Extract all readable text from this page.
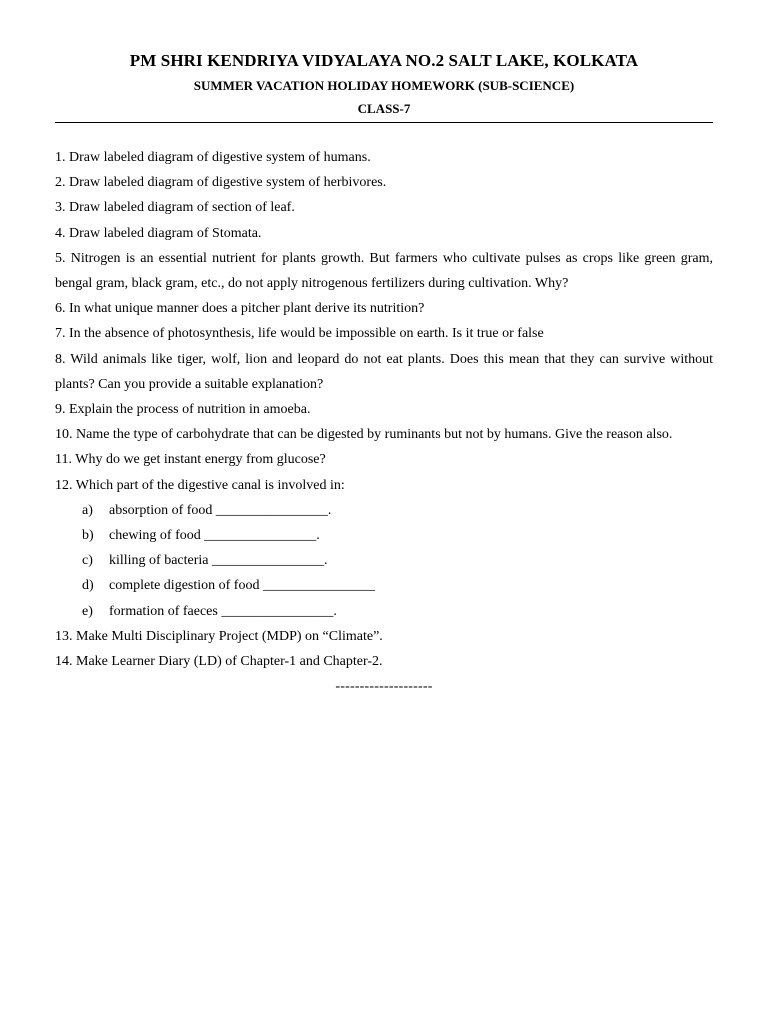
PM SHRI KENDRIYA VIDYALAYA NO.2 SALT LAKE, KOLKATA
SUMMER VACATION HOLIDAY HOMEWORK (SUB-SCIENCE)
CLASS-7
1. Draw labeled diagram of digestive system of humans.
2. Draw labeled diagram of digestive system of herbivores.
3. Draw labeled diagram of section of leaf.
4. Draw labeled diagram of Stomata.
5. Nitrogen is an essential nutrient for plants growth. But farmers who cultivate pulses as crops like green gram, bengal gram, black gram, etc., do not apply nitrogenous fertilizers during cultivation. Why?
6. In what unique manner does a pitcher plant derive its nutrition?
7. In the absence of photosynthesis, life would be impossible on earth. Is it true or false
8. Wild animals like tiger, wolf, lion and leopard do not eat plants. Does this mean that they can survive without plants? Can you provide a suitable explanation?
9. Explain the process of nutrition in amoeba.
10. Name the type of carbohydrate that can be digested by ruminants but not by humans. Give the reason also.
11. Why do we get instant energy from glucose?
12. Which part of the digestive canal is involved in:
a)	absorption of food ________________.
b)	chewing of food ________________.
c)	killing of bacteria ________________.
d)	complete digestion of food ________________
e)	formation of faeces ________________.
13. Make Multi Disciplinary Project (MDP) on “Climate”.
14. Make Learner Diary (LD) of Chapter-1 and Chapter-2.
--------------------
